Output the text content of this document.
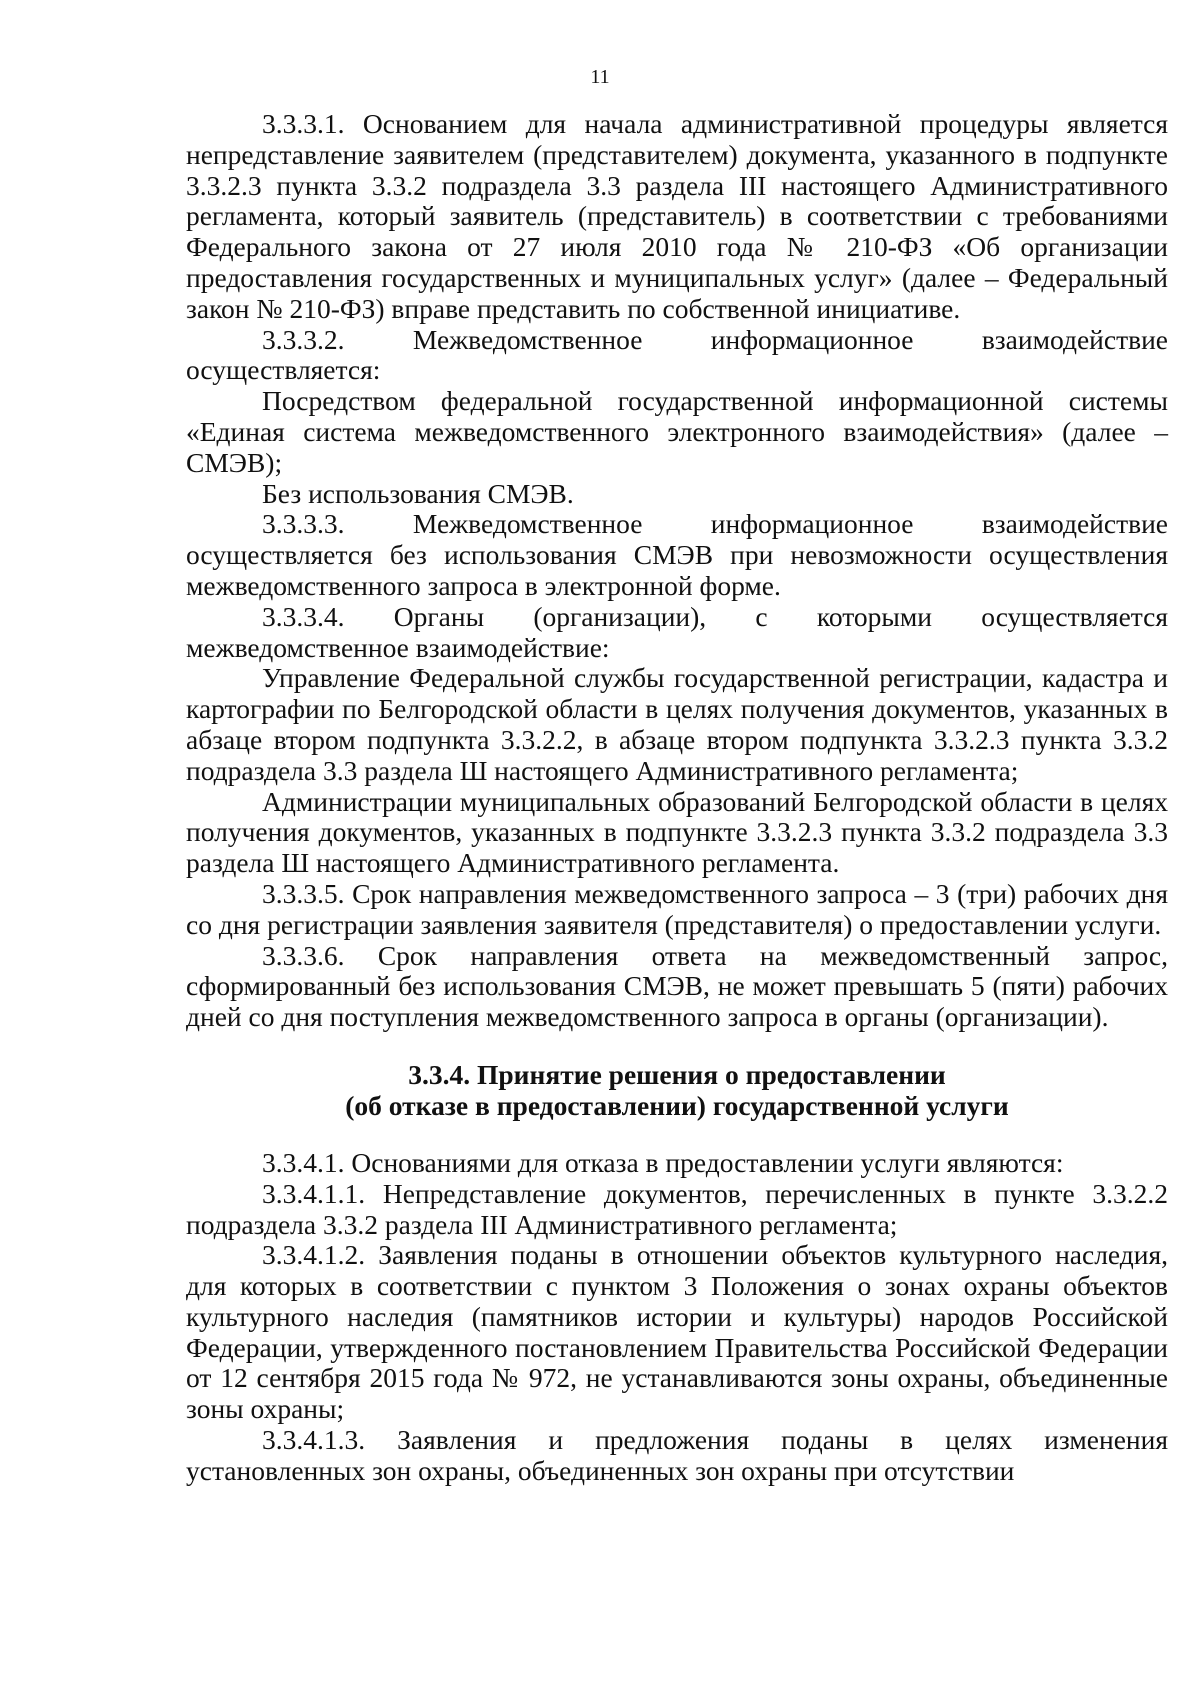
11

3.3.3.1. Основанием для начала административной процедуры является непредставление заявителем (представителем) документа, указанного в подпункте 3.3.2.3 пункта 3.3.2 подраздела 3.3 раздела III настоящего Административного регламента, который заявитель (представитель) в соответствии с требованиями Федерального закона от 27 июля 2010 года № 210-ФЗ «Об организации предоставления государственных и муниципальных услуг» (далее – Федеральный закон № 210-ФЗ) вправе представить по собственной инициативе.

3.3.3.2. Межведомственное информационное взаимодействие осуществляется:

Посредством федеральной государственной информационной системы «Единая система межведомственного электронного взаимодействия» (далее – СМЭВ);

Без использования СМЭВ.

3.3.3.3. Межведомственное информационное взаимодействие осуществляется без использования СМЭВ при невозможности осуществления межведомственного запроса в электронной форме.

3.3.3.4. Органы (организации), с которыми осуществляется межведомственное взаимодействие:

Управление Федеральной службы государственной регистрации, кадастра и картографии по Белгородской области в целях получения документов, указанных в абзаце втором подпункта 3.3.2.2, в абзаце втором подпункта 3.3.2.3 пункта 3.3.2 подраздела 3.3 раздела Ш настоящего Административного регламента;

Администрации муниципальных образований Белгородской области в целях получения документов, указанных в подпункте 3.3.2.3 пункта 3.3.2 подраздела 3.3 раздела Ш настоящего Административного регламента.

3.3.3.5. Срок направления межведомственного запроса – 3 (три) рабочих дня со дня регистрации заявления заявителя (представителя) о предоставлении услуги.

3.3.3.6. Срок направления ответа на межведомственный запрос, сформированный без использования СМЭВ, не может превышать 5 (пяти) рабочих дней со дня поступления межведомственного запроса в органы (организации).

3.3.4. Принятие решения о предоставлении
(об отказе в предоставлении) государственной услуги

3.3.4.1. Основаниями для отказа в предоставлении услуги являются:

3.3.4.1.1. Непредставление документов, перечисленных в пункте 3.3.2.2 подраздела 3.3.2 раздела III Административного регламента;

3.3.4.1.2. Заявления поданы в отношении объектов культурного наследия, для которых в соответствии с пунктом 3 Положения о зонах охраны объектов культурного наследия (памятников истории и культуры) народов Российской Федерации, утвержденного постановлением Правительства Российской Федерации от 12 сентября 2015 года № 972, не устанавливаются зоны охраны, объединенные зоны охраны;

3.3.4.1.3. Заявления и предложения поданы в целях изменения установленных зон охраны, объединенных зон охраны при отсутствии
